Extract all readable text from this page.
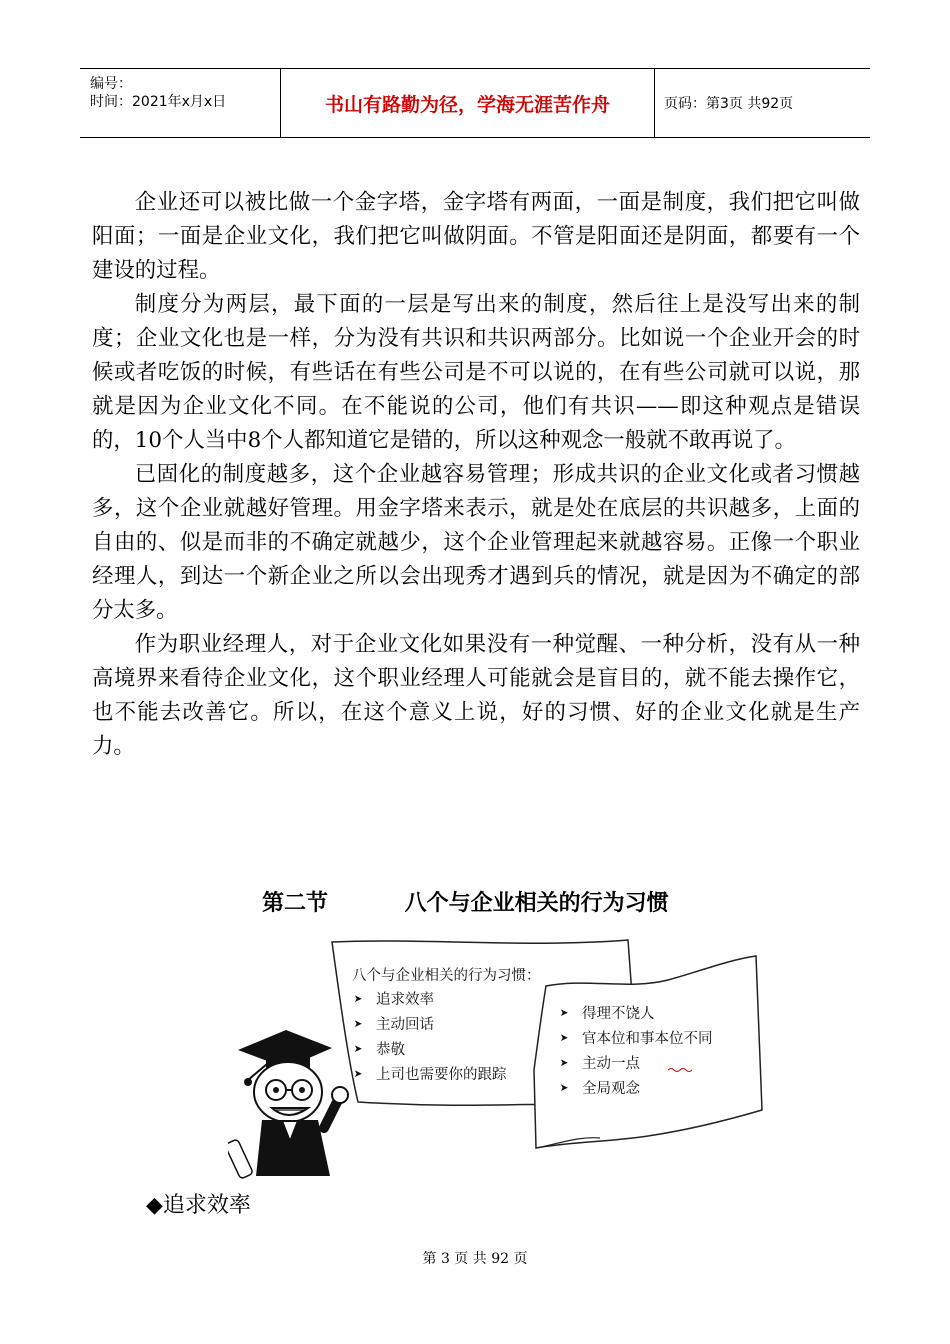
编号：
时间：2021年x月x日	书山有路勤为径，学海无涯苦作舟	页码：第3页 共92页

企业还可以被比做一个金字塔，金字塔有两面，一面是制度，我们把它叫做阳面；一面是企业文化，我们把它叫做阴面。不管是阳面还是阴面，都要有一个建设的过程。

制度分为两层，最下面的一层是写出来的制度，然后往上是没写出来的制度；企业文化也是一样，分为没有共识和共识两部分。比如说一个企业开会的时候或者吃饭的时候，有些话在有些公司是不可以说的，在有些公司就可以说，那就是因为企业文化不同。在不能说的公司，他们有共识——即这种观点是错误的，10个人当中8个人都知道它是错的，所以这种观念一般就不敢再说了。

已固化的制度越多，这个企业越容易管理；形成共识的企业文化或者习惯越多，这个企业就越好管理。用金字塔来表示，就是处在底层的共识越多，上面的自由的、似是而非的不确定就越少，这个企业管理起来就越容易。正像一个职业经理人，到达一个新企业之所以会出现秀才遇到兵的情况，就是因为不确定的部分太多。

作为职业经理人，对于企业文化如果没有一种觉醒、一种分析，没有从一种高境界来看待企业文化，这个职业经理人可能就会是盲目的，就不能去操作它，也不能去改善它。所以，在这个意义上说，好的习惯、好的企业文化就是生产力。

第二节	八个与企业相关的行为习惯
八个与企业相关的行为习惯：
➤ 追求效率
➤ 主动回话
➤ 恭敬
➤ 上司也需要你的跟踪
➤ 得理不饶人
➤ 官本位和事本位不同
➤ 主动一点
➤ 全局观念
◆追求效率
第 3 页 共 92 页
